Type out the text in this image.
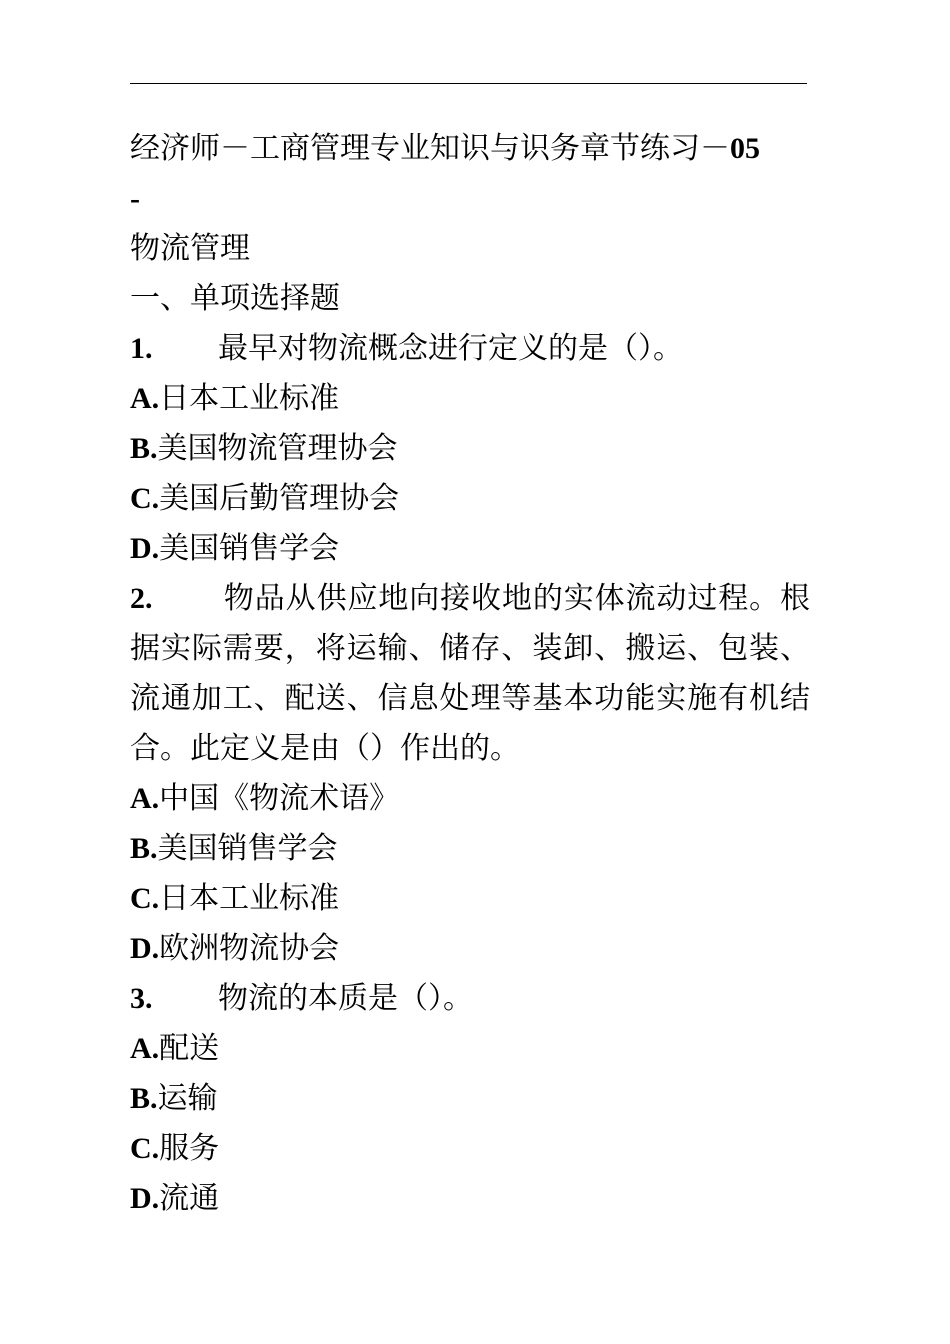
经济师－工商管理专业知识与识务章节练习－05
-
物流管理
一、单项选择题
1. 最早对物流概念进行定义的是（）。
A.日本工业标准
B.美国物流管理协会
C.美国后勤管理协会
D.美国销售学会
2. 物品从供应地向接收地的实体流动过程。根据实际需要，将运输、储存、装卸、搬运、包装、流通加工、配送、信息处理等基本功能实施有机结合。此定义是由（）作出的。
A.中国《物流术语》
B.美国销售学会
C.日本工业标准
D.欧洲物流协会
3. 物流的本质是（）。
A.配送
B.运输
C.服务
D.流通
